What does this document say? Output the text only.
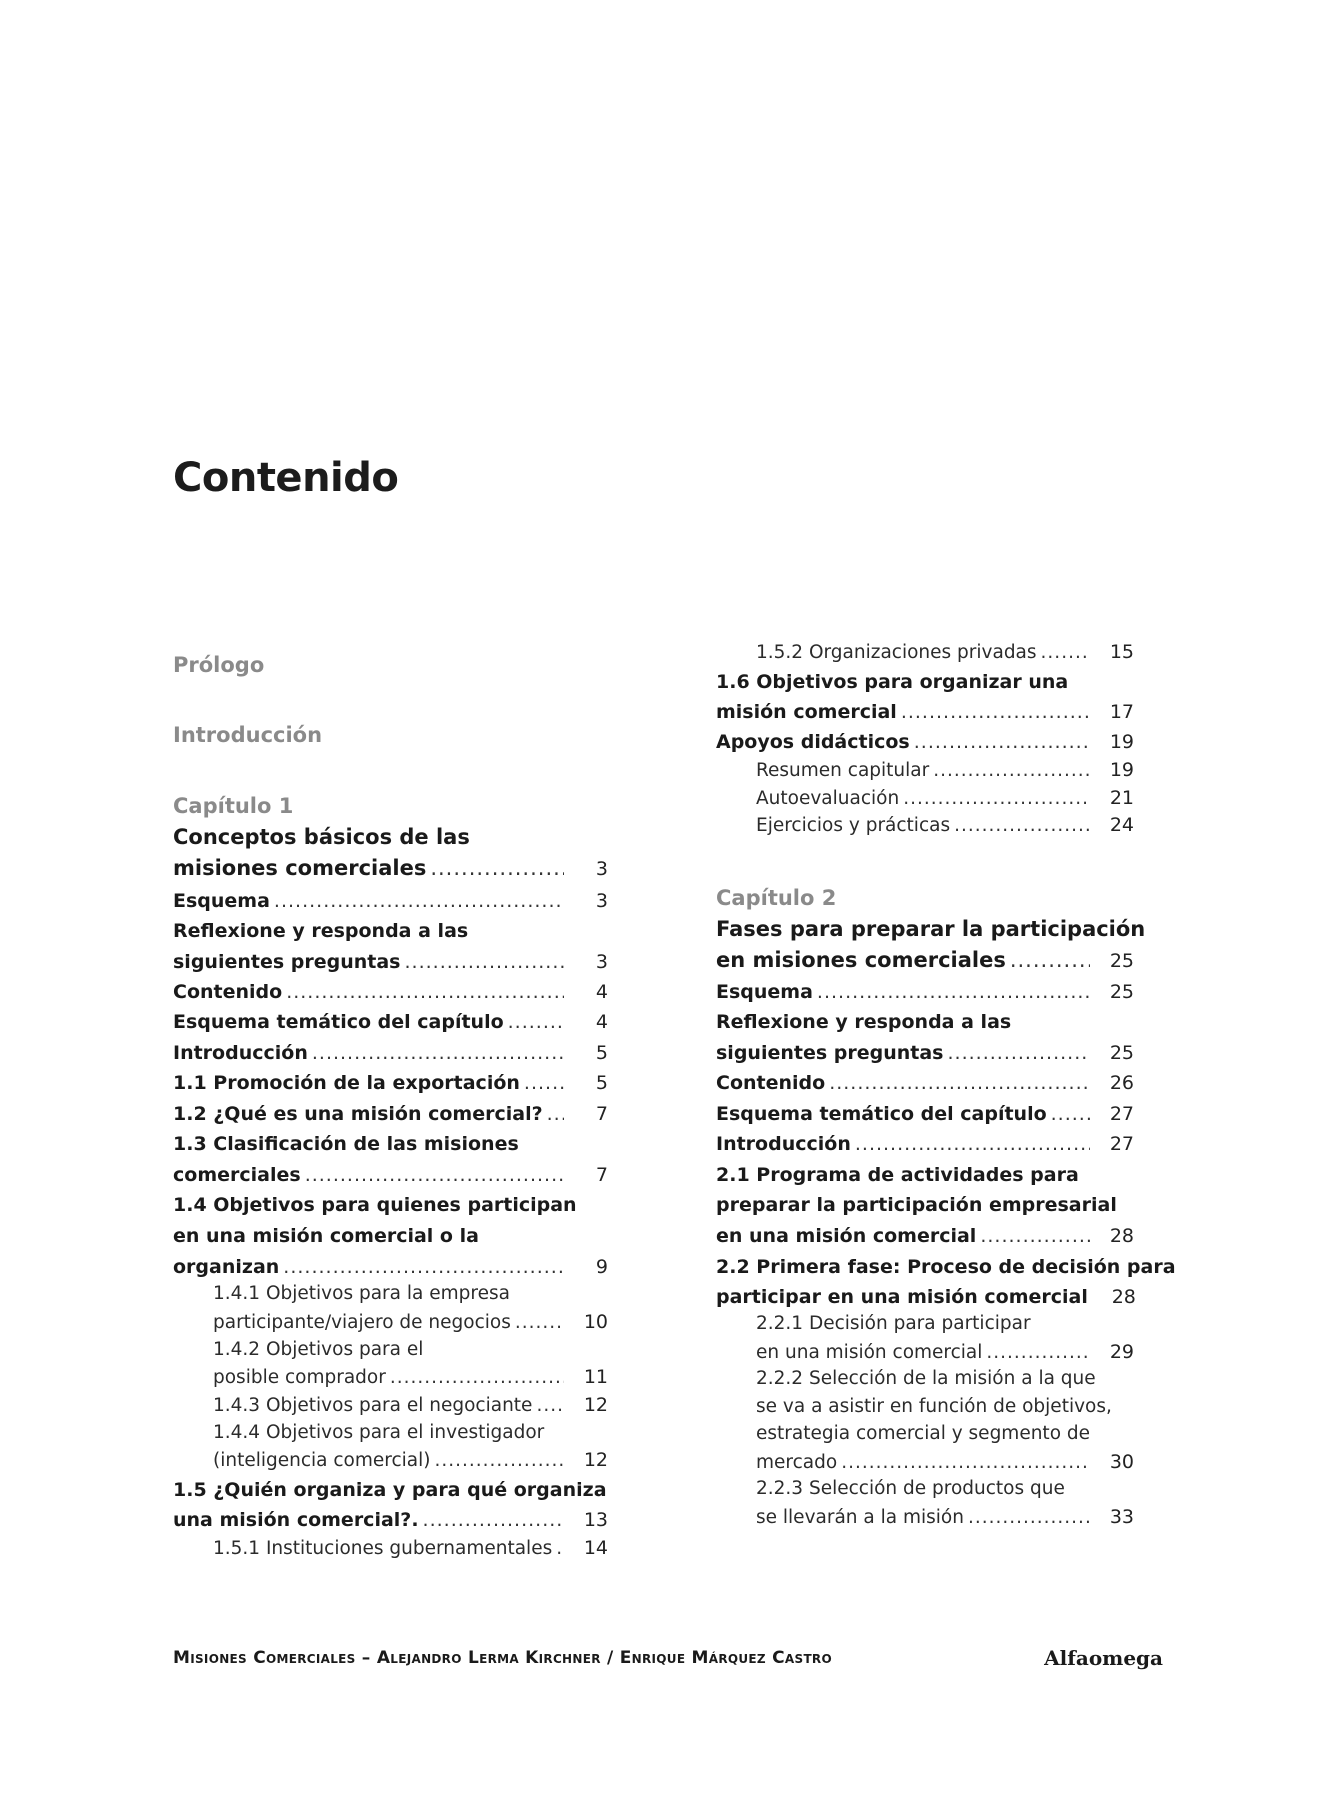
Contenido
Prólogo
Introducción
Capítulo 1
Conceptos básicos de las
misiones comerciales .....	3
Esquema .....	3
Reflexione y responda a las
siguientes preguntas .....	3
Contenido .....	4
Esquema temático del capítulo .....	4
Introducción .....	5
1.1 Promoción de la exportación .....	5
1.2 ¿Qué es una misión comercial? .....	7
1.3 Clasificación de las misiones
comerciales .....	7
1.4 Objetivos para quienes participan
en una misión comercial o la
organizan .....	9
1.4.1 Objetivos para la empresa
participante/viajero de negocios .....	10
1.4.2 Objetivos para el
posible comprador .....	11
1.4.3 Objetivos para el negociante .....	12
1.4.4 Objetivos para el investigador
(inteligencia comercial) .....	12
1.5 ¿Quién organiza y para qué organiza
una misión comercial?. .....	13
1.5.1 Instituciones gubernamentales .....	14
1.5.2 Organizaciones privadas .....	15
1.6 Objetivos para organizar una
misión comercial .....	17
Apoyos didácticos .....	19
Resumen capitular .....	19
Autoevaluación .....	21
Ejercicios y prácticas .....	24
Capítulo 2
Fases para preparar la participación
en misiones comerciales .....	25
Esquema .....	25
Reflexione y responda a las
siguientes preguntas .....	25
Contenido .....	26
Esquema temático del capítulo .....	27
Introducción .....	27
2.1 Programa de actividades para
preparar la participación empresarial
en una misión comercial .....	28
2.2 Primera fase: Proceso de decisión para
participar en una misión comercial	28
2.2.1 Decisión para participar
en una misión comercial .....	29
2.2.2 Selección de la misión a la que
se va a asistir en función de objetivos,
estrategia comercial y segmento de
mercado .....	30
2.2.3 Selección de productos que
se llevarán a la misión .....	33
Misiones Comerciales – Alejandro Lerma Kirchner / Enrique Márquez Castro	Alfaomega
